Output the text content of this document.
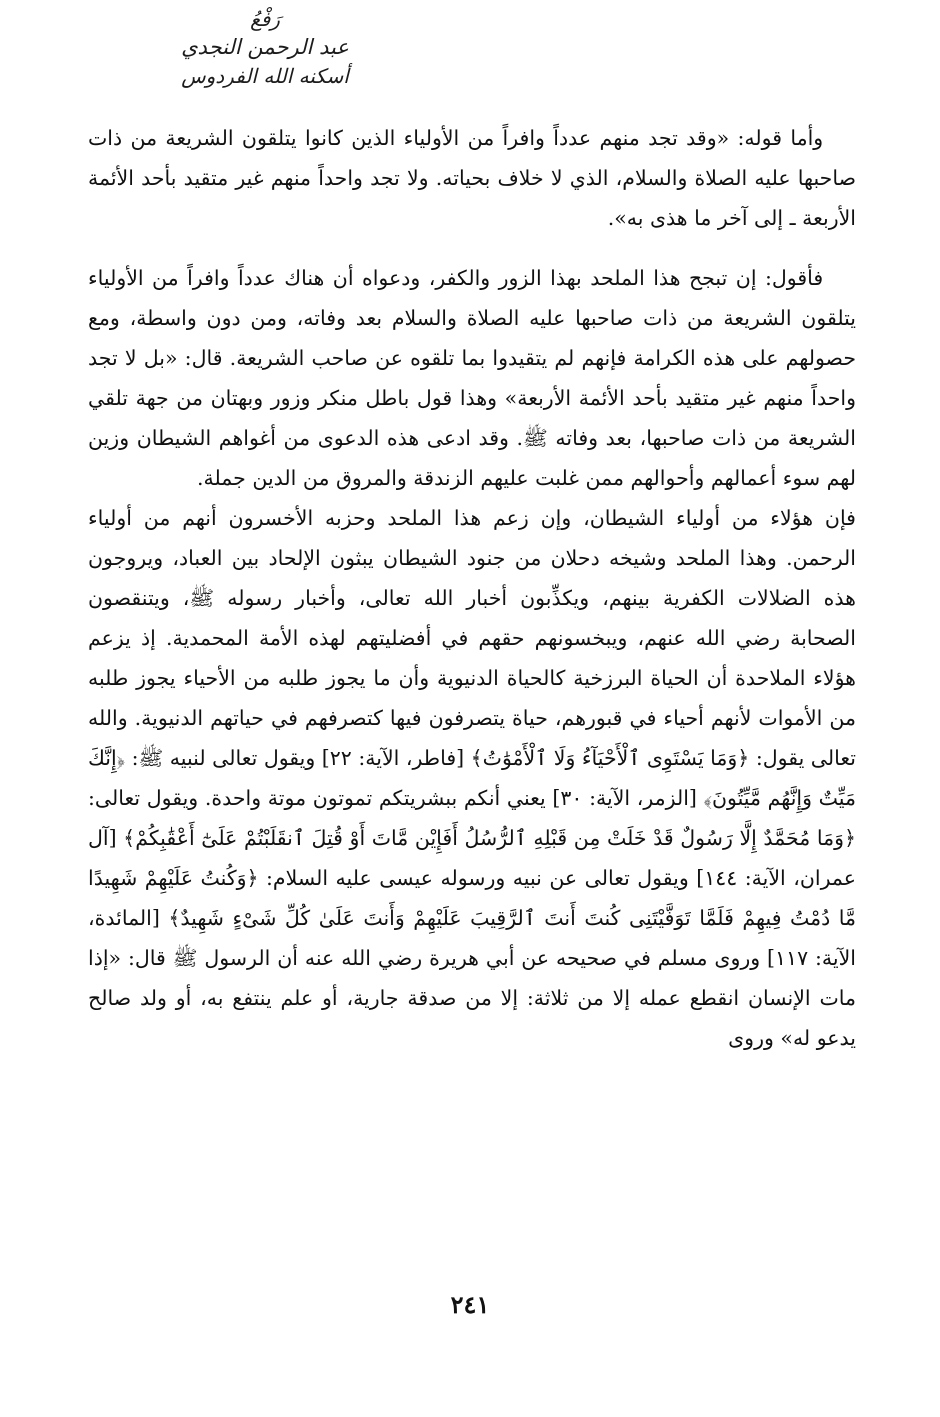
رَفْعُ
عبد الرحمن النجدي
أسكنه الله الفردوس

وأما قوله: «وقد تجد منهم عدداً وافراً من الأولياء الذين كانوا يتلقون الشريعة من ذات صاحبها عليه الصلاة والسلام، الذي لا خلاف بحياته. ولا تجد واحداً منهم غير متقيد بأحد الأئمة الأربعة ـ إلى آخر ما هذى به».

فأقول: إن تبجح هذا الملحد بهذا الزور والكفر، ودعواه أن هناك عدداً وافراً من الأولياء يتلقون الشريعة من ذات صاحبها عليه الصلاة والسلام بعد وفاته، ومن دون واسطة، ومع حصولهم على هذه الكرامة فإنهم لم يتقيدوا بما تلقوه عن صاحب الشريعة. قال: «بل لا تجد واحداً منهم غير متقيد بأحد الأئمة الأربعة» وهذا قول باطل منكر وزور وبهتان من جهة تلقي الشريعة من ذات صاحبها، بعد وفاته ﷺ. وقد ادعى هذه الدعوى من أغواهم الشيطان وزين لهم سوء أعمالهم وأحوالهم ممن غلبت عليهم الزندقة والمروق من الدين جملة.

فإن هؤلاء من أولياء الشيطان، وإن زعم هذا الملحد وحزبه الأخسرون أنهم من أولياء الرحمن. وهذا الملحد وشيخه دحلان من جنود الشيطان يبثون الإلحاد بين العباد، ويروجون هذه الضلالات الكفرية بينهم، ويكذِّبون أخبار الله تعالى، وأخبار رسوله ﷺ، ويتنقصون الصحابة رضي الله عنهم، ويبخسونهم حقهم في أفضليتهم لهذه الأمة المحمدية. إذ يزعم هؤلاء الملاحدة أن الحياة البرزخية كالحياة الدنيوية وأن ما يجوز طلبه من الأحياء يجوز طلبه من الأموات لأنهم أحياء في قبورهم، حياة يتصرفون فيها كتصرفهم في حياتهم الدنيوية. والله تعالى يقول: ﴿وَمَا يَسْتَوِى ٱلْأَحْيَآءُ وَلَا ٱلْأَمْوَٰتُ﴾ [فاطر، الآية: ٢٢] ويقول تعالى لنبيه ﷺ: ﴿إِنَّكَ مَيِّتٌ وَإِنَّهُم مَّيِّتُونَ﴾ [الزمر، الآية: ٣٠] يعني أنكم ببشريتكم تموتون موتة واحدة. ويقول تعالى: ﴿وَمَا مُحَمَّدٌ إِلَّا رَسُولٌ قَدْ خَلَتْ مِن قَبْلِهِ ٱلرُّسُلُ أَفَإِيْن مَّاتَ أَوْ قُتِلَ ٱنقَلَبْتُمْ عَلَىٰٓ أَعْقَٰبِكُمْ﴾ [آل عمران، الآية: ١٤٤] ويقول تعالى عن نبيه ورسوله عيسى عليه السلام: ﴿وَكُنتُ عَلَيْهِمْ شَهِيدًا مَّا دُمْتُ فِيهِمْ فَلَمَّا تَوَفَّيْتَنِى كُنتَ أَنتَ ٱلرَّقِيبَ عَلَيْهِمْ وَأَنتَ عَلَىٰ كُلِّ شَىْءٍ شَهِيدٌ﴾ [المائدة، الآية: ١١٧] وروى مسلم في صحيحه عن أبي هريرة رضي الله عنه أن الرسول ﷺ قال: «إذا مات الإنسان انقطع عمله إلا من ثلاثة: إلا من صدقة جارية، أو علم ينتفع به، أو ولد صالح يدعو له» وروى

٢٤١
